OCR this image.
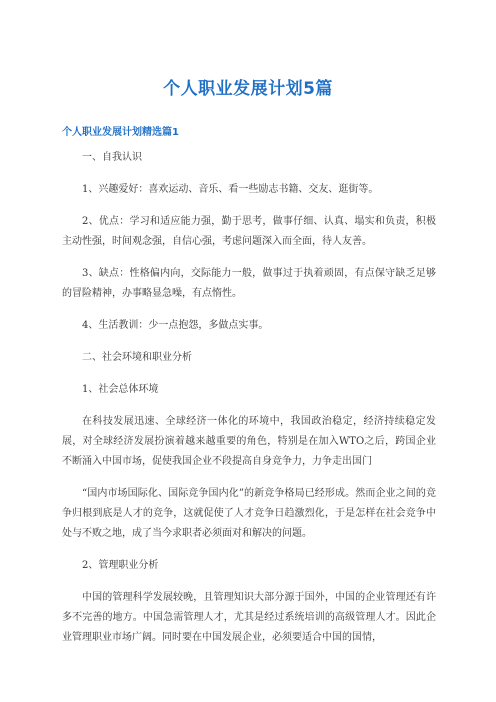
个人职业发展计划5篇
个人职业发展计划精选篇1

一、自我认识

1、兴趣爱好：喜欢运动、音乐、看一些励志书籍、交友、逛街等。

2、优点：学习和适应能力强，勤于思考，做事仔细、认真、塌实和负责，积极主动性强，时间观念强，自信心强，考虑问题深入而全面，待人友善。

3、缺点：性格偏内向，交际能力一般，做事过于执着顽固，有点保守缺乏足够的冒险精神，办事略显急噪，有点惰性。

4、生活教训：少一点抱怨，多做点实事。

二、社会环境和职业分析

1、社会总体环境

在科技发展迅速、全球经济一体化的环境中，我国政治稳定，经济持续稳定发展，对全球经济发展扮演着越来越重要的角色，特别是在加入WTO之后，跨国企业不断涌入中国市场，促使我国企业不段提高自身竞争力，力争走出国门

“国内市场国际化、国际竞争国内化”的新竞争格局已经形成。然而企业之间的竞争归根到底是人才的竞争，这就促使了人才竞争日趋激烈化，于是怎样在社会竞争中处与不败之地，成了当今求职者必须面对和解决的问题。

2、管理职业分析

中国的管理科学发展较晚，且管理知识大部分源于国外，中国的企业管理还有许多不完善的地方。中国急需管理人才，尤其是经过系统培训的高级管理人才。因此企业管理职业市场广阔。同时要在中国发展企业，必须要适合中国的国情，
